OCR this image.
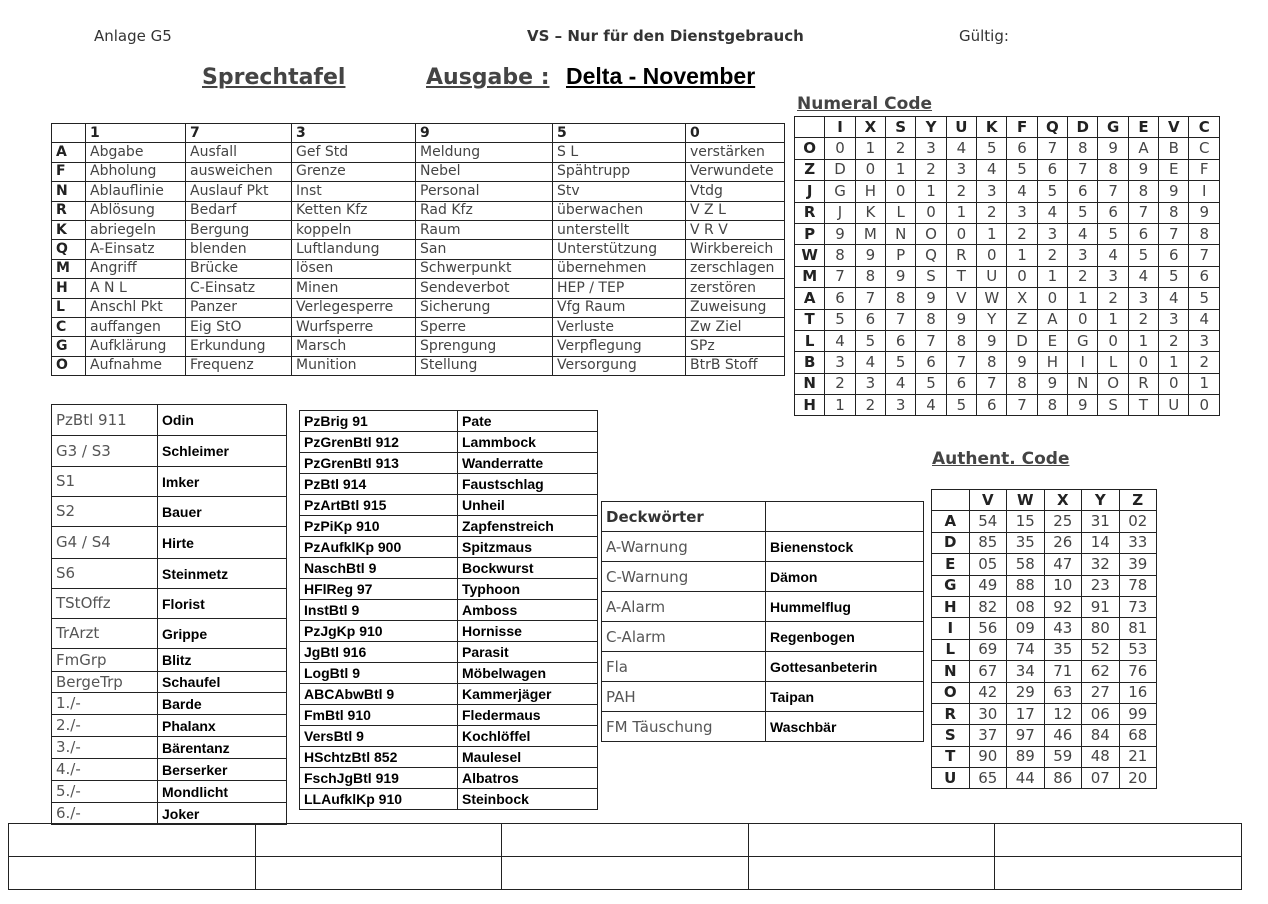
Anlage G5	VS – Nur für den Dienstgebrauch	Gültig:
Sprechtafel	Ausgabe : Delta - November
	1	7	3	9	5	0
A	Abgabe	Ausfall	Gef Std	Meldung	S L	verstärken
F	Abholung	ausweichen	Grenze	Nebel	Spähtrupp	Verwundete
N	Ablauflinie	Auslauf Pkt	Inst	Personal	Stv	Vtdg
R	Ablösung	Bedarf	Ketten Kfz	Rad Kfz	überwachen	V Z L
K	abriegeln	Bergung	koppeln	Raum	unterstellt	V R V
Q	A-Einsatz	blenden	Luftlandung	San	Unterstützung	Wirkbereich
M	Angriff	Brücke	lösen	Schwerpunkt	übernehmen	zerschlagen
H	A N L	C-Einsatz	Minen	Sendeverbot	HEP / TEP	zerstören
L	Anschl Pkt	Panzer	Verlegesperre	Sicherung	Vfg Raum	Zuweisung
C	auffangen	Eig StO	Wurfsperre	Sperre	Verluste	Zw Ziel
G	Aufklärung	Erkundung	Marsch	Sprengung	Verpflegung	SPz
O	Aufnahme	Frequenz	Munition	Stellung	Versorgung	BtrB Stoff
Numeral Code
	I	X	S	Y	U	K	F	Q	D	G	E	V	C
O	0	1	2	3	4	5	6	7	8	9	A	B	C
Z	D	0	1	2	3	4	5	6	7	8	9	E	F
J	G	H	0	1	2	3	4	5	6	7	8	9	I
R	J	K	L	0	1	2	3	4	5	6	7	8	9
P	9	M	N	O	0	1	2	3	4	5	6	7	8
W	8	9	P	Q	R	0	1	2	3	4	5	6	7
M	7	8	9	S	T	U	0	1	2	3	4	5	6
A	6	7	8	9	V	W	X	0	1	2	3	4	5
T	5	6	7	8	9	Y	Z	A	0	1	2	3	4
L	4	5	6	7	8	9	D	E	G	0	1	2	3
B	3	4	5	6	7	8	9	H	I	L	0	1	2
N	2	3	4	5	6	7	8	9	N	O	R	0	1
H	1	2	3	4	5	6	7	8	9	S	T	U	0
PzBtl 911	Odin
G3 / S3	Schleimer
S1	Imker
S2	Bauer
G4 / S4	Hirte
S6	Steinmetz
TStOffz	Florist
TrArzt	Grippe
FmGrp	Blitz
BergeTrp	Schaufel
1./-	Barde
2./-	Phalanx
3./-	Bärentanz
4./-	Berserker
5./-	Mondlicht
6./-	Joker
PzBrig 91	Pate
PzGrenBtl 912	Lammbock
PzGrenBtl 913	Wanderratte
PzBtl 914	Faustschlag
PzArtBtl 915	Unheil
PzPiKp 910	Zapfenstreich
PzAufklKp 900	Spitzmaus
NaschBtl 9	Bockwurst
HFlReg 97	Typhoon
InstBtl 9	Amboss
PzJgKp 910	Hornisse
JgBtl 916	Parasit
LogBtl 9	Möbelwagen
ABCAbwBtl 9	Kammerjäger
FmBtl 910	Fledermaus
VersBtl 9	Kochlöffel
HSchtzBtl 852	Maulesel
FschJgBtl 919	Albatros
LLAufklKp 910	Steinbock
Deckwörter	
A-Warnung	Bienenstock
C-Warnung	Dämon
A-Alarm	Hummelflug
C-Alarm	Regenbogen
Fla	Gottesanbeterin
PAH	Taipan
FM Täuschung	Waschbär
Authent. Code
	V	W	X	Y	Z
A	54	15	25	31	02
D	85	35	26	14	33
E	05	58	47	32	39
G	49	88	10	23	78
H	82	08	92	91	73
I	56	09	43	80	81
L	69	74	35	52	53
N	67	34	71	62	76
O	42	29	63	27	16
R	30	17	12	06	99
S	37	97	46	84	68
T	90	89	59	48	21
U	65	44	86	07	20
